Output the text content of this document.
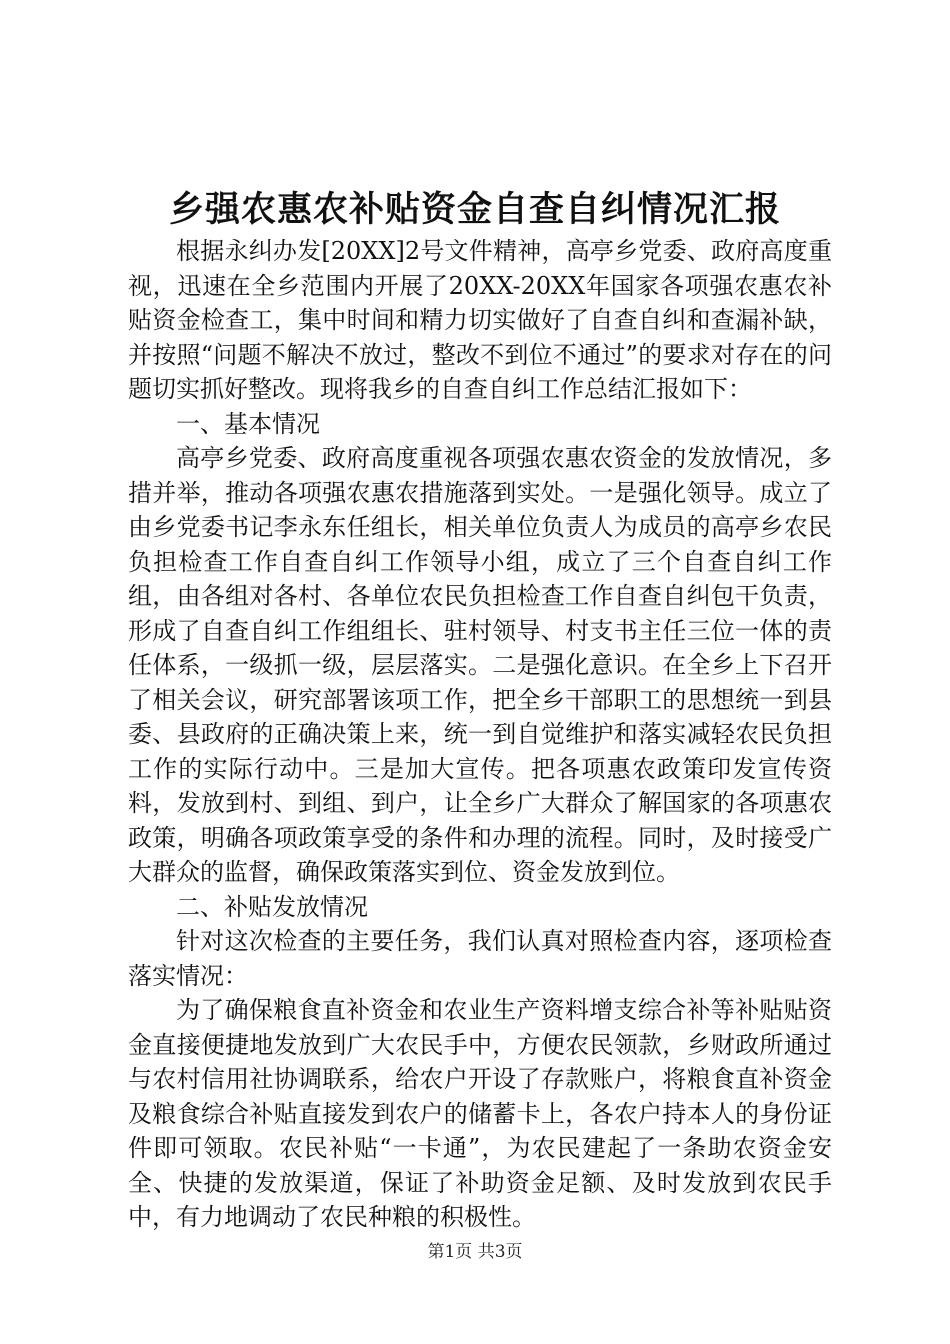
乡强农惠农补贴资金自查自纠情况汇报

根据永纠办发[20XX]2号文件精神，高亭乡党委、政府高度重视，迅速在全乡范围内开展了20XX-20XX年国家各项强农惠农补贴资金检查工，集中时间和精力切实做好了自查自纠和查漏补缺，并按照“问题不解决不放过，整改不到位不通过”的要求对存在的问题切实抓好整改。现将我乡的自查自纠工作总结汇报如下：

一、基本情况

高亭乡党委、政府高度重视各项强农惠农资金的发放情况，多措并举，推动各项强农惠农措施落到实处。一是强化领导。成立了由乡党委书记李永东任组长，相关单位负责人为成员的高亭乡农民负担检查工作自查自纠工作领导小组，成立了三个自查自纠工作组，由各组对各村、各单位农民负担检查工作自查自纠包干负责，形成了自查自纠工作组组长、驻村领导、村支书主任三位一体的责任体系，一级抓一级，层层落实。二是强化意识。在全乡上下召开了相关会议，研究部署该项工作，把全乡干部职工的思想统一到县委、县政府的正确决策上来，统一到自觉维护和落实减轻农民负担工作的实际行动中。三是加大宣传。把各项惠农政策印发宣传资料，发放到村、到组、到户，让全乡广大群众了解国家的各项惠农政策，明确各项政策享受的条件和办理的流程。同时，及时接受广大群众的监督，确保政策落实到位、资金发放到位。

二、补贴发放情况

针对这次检查的主要任务，我们认真对照检查内容，逐项检查落实情况：

为了确保粮食直补资金和农业生产资料增支综合补等补贴贴资金直接便捷地发放到广大农民手中，方便农民领款，乡财政所通过与农村信用社协调联系，给农户开设了存款账户，将粮食直补资金及粮食综合补贴直接发到农户的储蓄卡上，各农户持本人的身份证件即可领取。农民补贴“一卡通”，为农民建起了一条助农资金安全、快捷的发放渠道，保证了补助资金足额、及时发放到农民手中，有力地调动了农民种粮的积极性。

第1页 共3页
